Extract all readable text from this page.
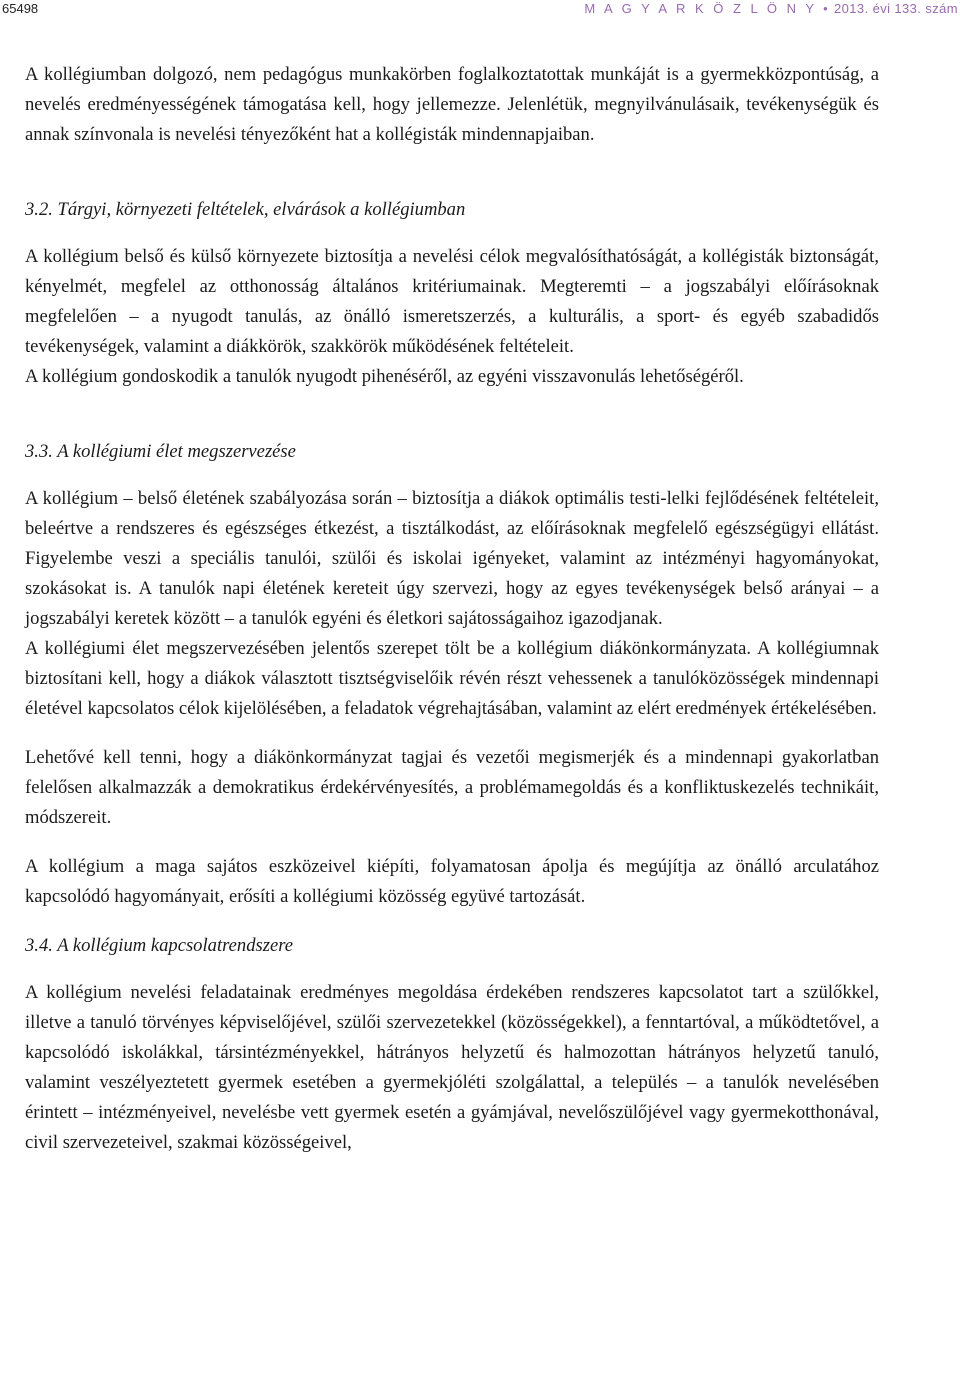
65498	M A G Y A R K Ö Z L Ö N Y • 2013. évi 133. szám

A kollégiumban dolgozó, nem pedagógus munkakörben foglalkoztatottak munkáját is a gyermekközpontúság, a nevelés eredményességének támogatása kell, hogy jellemezze. Jelenlétük, megnyilvánulásaik, tevékenységük és annak színvonala is nevelési tényezőként hat a kollégisták mindennapjaiban.

3.2. Tárgyi, környezeti feltételek, elvárások a kollégiumban

A kollégium belső és külső környezete biztosítja a nevelési célok megvalósíthatóságát, a kollégisták biztonságát, kényelmét, megfelel az otthonosság általános kritériumainak. Megteremti – a jogszabályi előírásoknak megfelelően – a nyugodt tanulás, az önálló ismeretszerzés, a kulturális, a sport- és egyéb szabadidős tevékenységek, valamint a diákkörök, szakkörök működésének feltételeit.

A kollégium gondoskodik a tanulók nyugodt pihenéséről, az egyéni visszavonulás lehetőségéről.

3.3. A kollégiumi élet megszervezése

A kollégium – belső életének szabályozása során – biztosítja a diákok optimális testi-lelki fejlődésének feltételeit, beleértve a rendszeres és egészséges étkezést, a tisztálkodást, az előírásoknak megfelelő egészségügyi ellátást. Figyelembe veszi a speciális tanulói, szülői és iskolai igényeket, valamint az intézményi hagyományokat, szokásokat is. A tanulók napi életének kereteit úgy szervezi, hogy az egyes tevékenységek belső arányai – a jogszabályi keretek között – a tanulók egyéni és életkori sajátosságaihoz igazodjanak.

A kollégiumi élet megszervezésében jelentős szerepet tölt be a kollégium diákönkormányzata. A kollégiumnak biztosítani kell, hogy a diákok választott tisztségviselőik révén részt vehessenek a tanulóközösségek mindennapi életével kapcsolatos célok kijelölésében, a feladatok végrehajtásában, valamint az elért eredmények értékelésében.

Lehetővé kell tenni, hogy a diákönkormányzat tagjai és vezetői megismerjék és a mindennapi gyakorlatban felelősen alkalmazzák a demokratikus érdekérvényesítés, a problémamegoldás és a konfliktuskezelés technikáit, módszereit.

A kollégium a maga sajátos eszközeivel kiépíti, folyamatosan ápolja és megújítja az önálló arculatához kapcsolódó hagyományait, erősíti a kollégiumi közösség együvé tartozását.

3.4. A kollégium kapcsolatrendszere

A kollégium nevelési feladatainak eredményes megoldása érdekében rendszeres kapcsolatot tart a szülőkkel, illetve a tanuló törvényes képviselőjével, szülői szervezetekkel (közösségekkel), a fenntartóval, a működtetővel, a kapcsolódó iskolákkal, társintézményekkel, hátrányos helyzetű és halmozottan hátrányos helyzetű tanuló, valamint veszélyeztetett gyermek esetében a gyermekjóléti szolgálattal, a település – a tanulók nevelésében érintett – intézményeivel, nevelésbe vett gyermek esetén a gyámjával, nevelőszülőjével vagy gyermekotthonával, civil szervezeteivel, szakmai közösségeivel,
